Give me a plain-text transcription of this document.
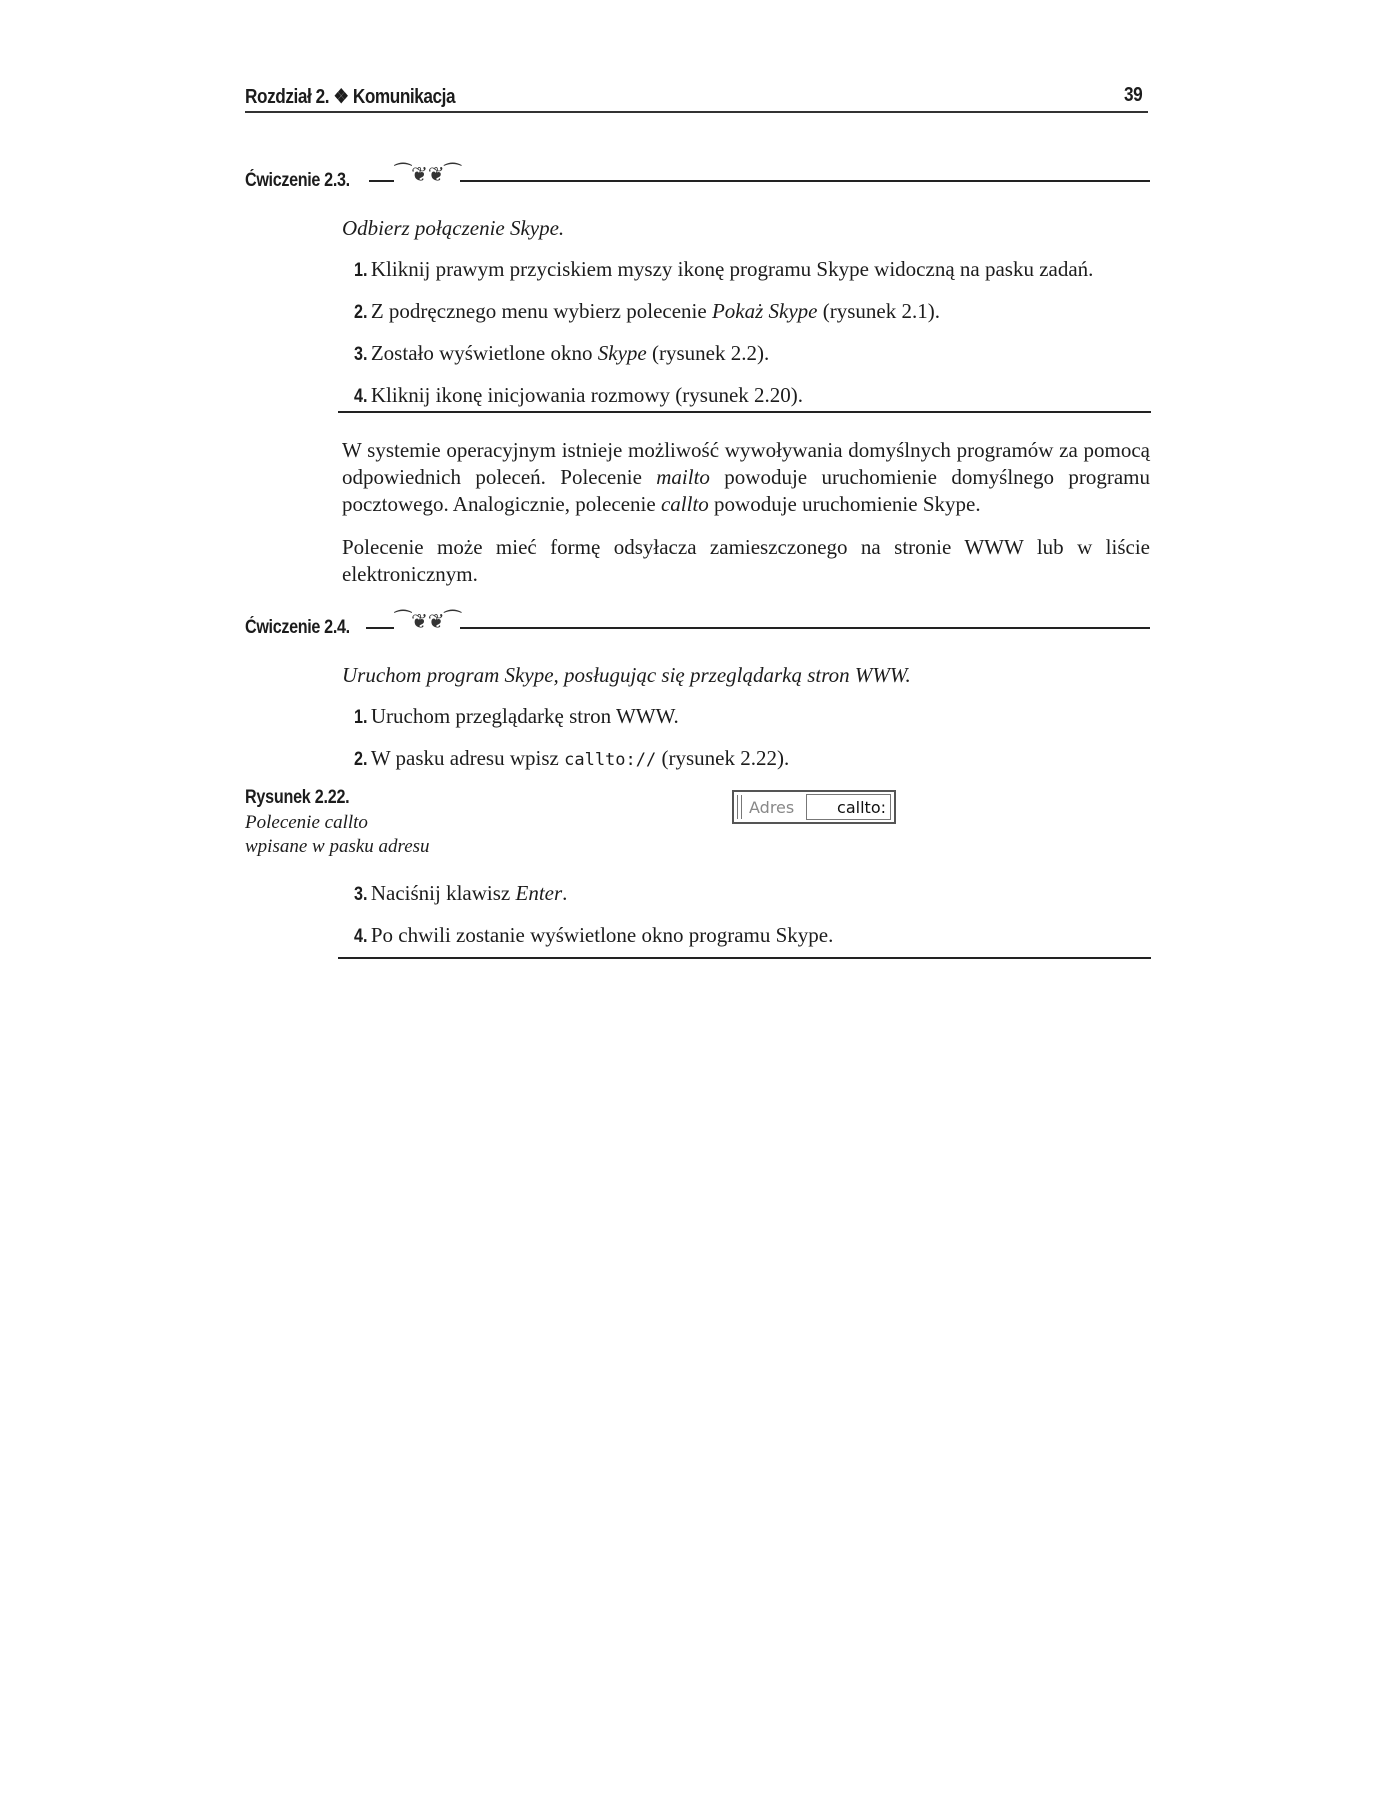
Rozdział 2. ❖ Komunikacja	39
Ćwiczenie 2.3. ⁀❦❦⁀
Odbierz połączenie Skype.
1. Kliknij prawym przyciskiem myszy ikonę programu Skype widoczną na pasku zadań.
2. Z podręcznego menu wybierz polecenie Pokaż Skype (rysunek 2.1).
3. Zostało wyświetlone okno Skype (rysunek 2.2).
4. Kliknij ikonę inicjowania rozmowy (rysunek 2.20).
W systemie operacyjnym istnieje możliwość wywoływania domyślnych programów za pomocą odpowiednich poleceń. Polecenie mailto powoduje uruchomienie domyślnego programu pocztowego. Analogicznie, polecenie callto powoduje uruchomienie Skype.
Polecenie może mieć formę odsyłacza zamieszczonego na stronie WWW lub w liście elektronicznym.
Ćwiczenie 2.4. ⁀❦❦⁀
Uruchom program Skype, posługując się przeglądarką stron WWW.
1. Uruchom przeglądarkę stron WWW.
2. W pasku adresu wpisz callto:// (rysunek 2.22).
Rysunek 2.22.
Polecenie callto
wpisane w pasku adresu
Adres	callto:
3. Naciśnij klawisz Enter.
4. Po chwili zostanie wyświetlone okno programu Skype.
